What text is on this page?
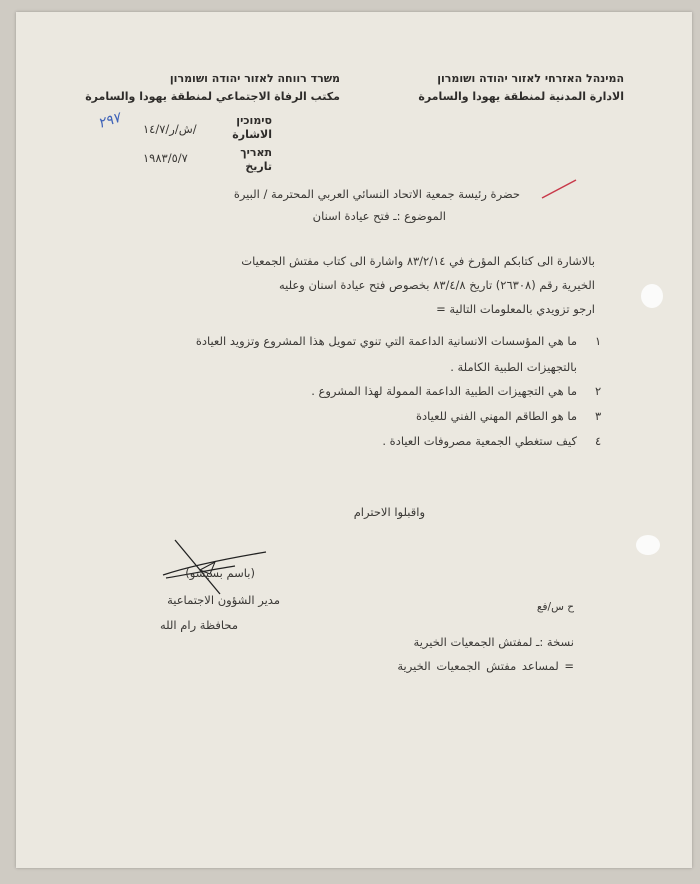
המינהל האזרחי לאזור יהודה ושומרון
الادارة المدنية لمنطقة يهودا والسامرة
משרד רווחה לאזור יהודה ושומרון
مكتب الرفاة الاجتماعي لمنطقة يهودا والسامرة
סימוכין
الاشارة
ش/ر/١٤/٧/
٢٩٧
תאריך
تاريخ
١٩٨٣/٥/٧
حضرة رئيسة جمعية الاتحاد النسائي العربي المحترمة / البيرة
الموضوع :ـ فتح عيادة اسنان
بالاشارة الى كتابكم المؤرخ في ٨٣/٢/١٤ واشارة الى كتاب مفتش الجمعيات
الخيرية رقم (٢٦٣٠٨) تاريخ ٨٣/٤/٨ بخصوص فتح عيادة اسنان وعليه
ارجو تزويدي بالمعلومات التالية =
١
ما هي المؤسسات الانسانية الداعمة التي تنوي تمويل هذا المشروع وتزويد العيادة
بالتجهيزات الطبية الكاملة .
٢
ما هي التجهيزات الطبية الداعمة الممولة لهذا المشروع .
٣
ما هو الطاقم المهني الفني للعيادة
٤
كيف ستغطي الجمعية مصروفات العيادة .
واقبلوا الاحترام
(باسم بسيسو)
مدير الشؤون الاجتماعية
محافظة رام الله
ح س/فع
نسخة :ـ لمفتش الجمعيات الخيرية
= لمساعد مفتش الجمعيات الخيرية
